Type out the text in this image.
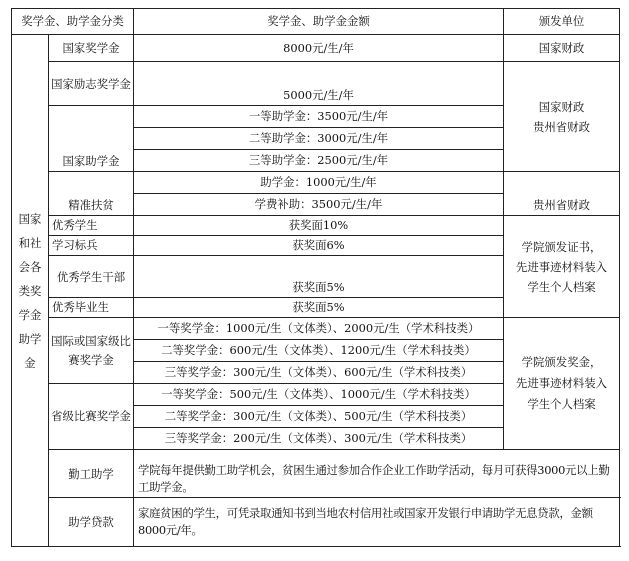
奖学金、助学金分类		奖学金、助学金金额	颁发单位

国家和社会各类奖学金助学金	国家奖学金	8000元/生/年	国家财政
	国家励志奖学金	5000元/生/年	国家财政
贵州省财政
	国家助学金	一等助学金：3500元/生/年	
		二等助学金：3000元/生/年	
		三等助学金：2500元/生/年	
	精准扶贫	助学金：1000元/生/年	贵州省财政
		学费补助：3500元/生/年	
	优秀学生	获奖面10%	学院颁发证书，
先进事迹材料装入
学生个人档案
	学习标兵	获奖面6%	
	优秀学生干部	获奖面5%	
	优秀毕业生	获奖面5%	
	国际或国家级比赛奖学金	一等奖学金：1000元/生（文体类）、2000元/生（学术科技类）	学院颁发奖金，
先进事迹材料装入
学生个人档案
		二等奖学金：600元/生（文体类）、1200元/生（学术科技类）	
		三等奖学金：300元/生（文体类）、600元/生（学术科技类）	
	省级比赛奖学金	一等奖学金：500元/生（文体类）、1000元/生（学术科技类）	
		二等奖学金：300元/生（文体类）、500元/生（学术科技类）	
		三等奖学金：200元/生（文体类）、300元/生（学术科技类）	
	勤工助学	学院每年提供勤工助学机会，贫困生通过参加合作企业工作助学活动，每月可获得3000元以上勤工助学金。	
	助学贷款	家庭贫困的学生，可凭录取通知书到当地农村信用社或国家开发银行申请助学无息贷款，金额8000元/年。	
